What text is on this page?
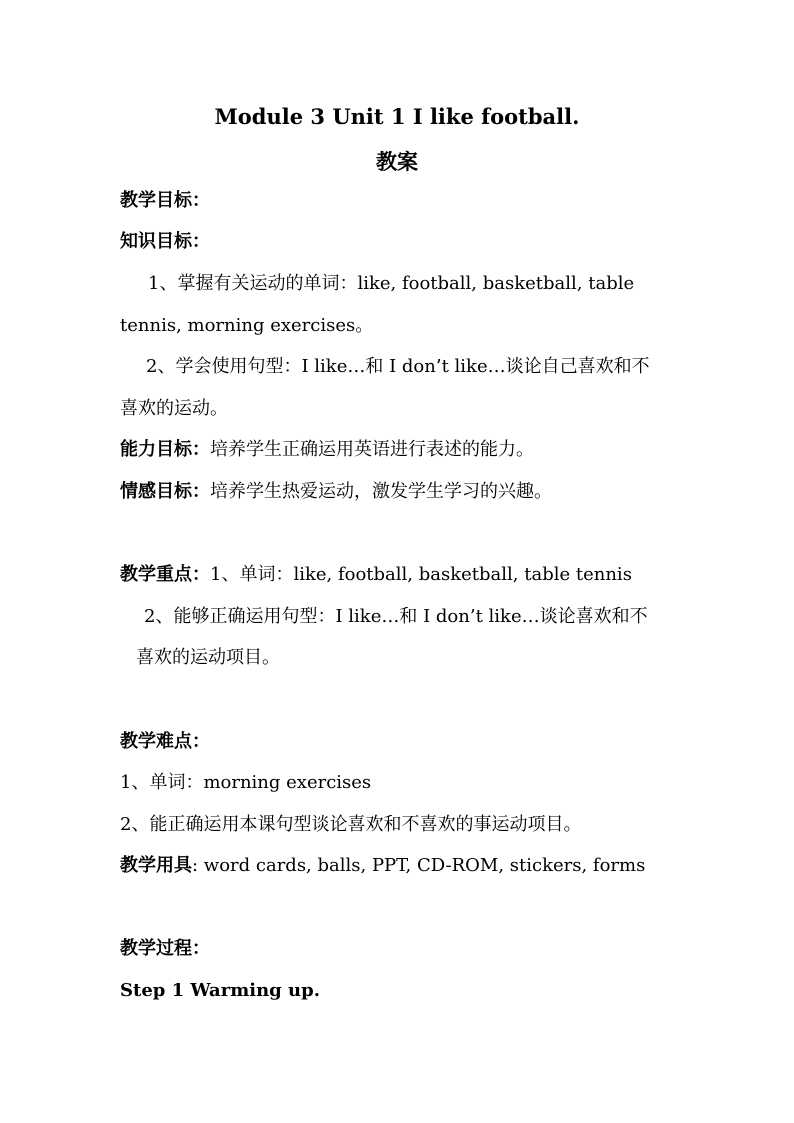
Module 3 Unit 1 I like football.
教案
教学目标：
知识目标：
1、掌握有关运动的单词：like, football, basketball, table
tennis, morning exercises。
2、学会使用句型：I like…和 I don’t like…谈论自己喜欢和不
喜欢的运动。
能力目标：培养学生正确运用英语进行表述的能力。
情感目标：培养学生热爱运动，激发学生学习的兴趣。
教学重点：1、单词：like, football, basketball, table tennis
2、能够正确运用句型：I like…和 I don’t like…谈论喜欢和不
喜欢的运动项目。
教学难点：
1、单词：morning exercises
2、能正确运用本课句型谈论喜欢和不喜欢的事运动项目。
教学用具: word cards, balls, PPT, CD-ROM, stickers, forms
教学过程：
Step 1 Warming up.
